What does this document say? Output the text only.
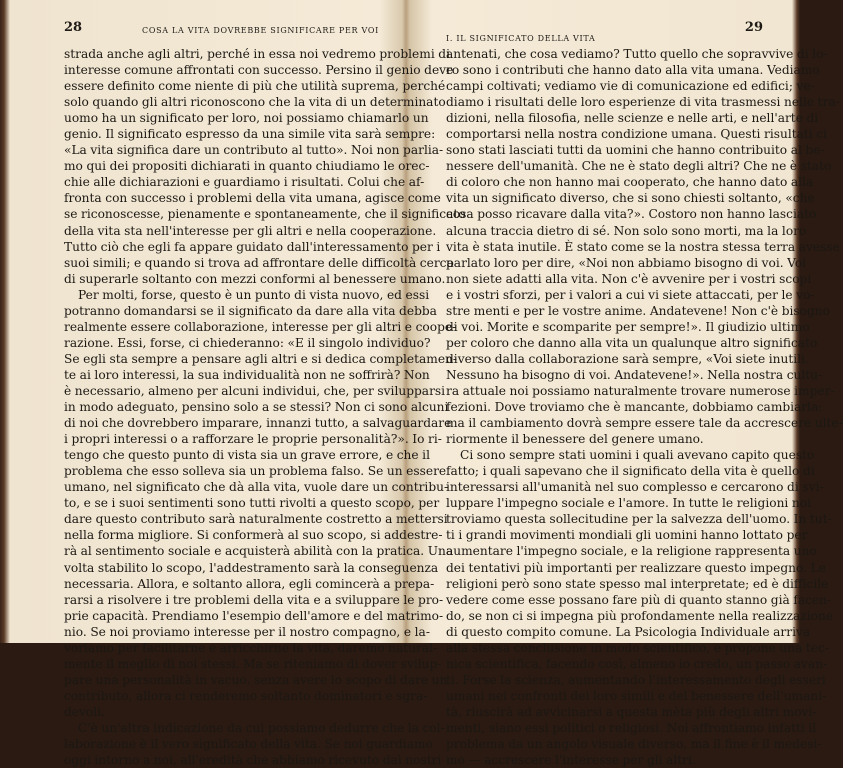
28	COSA LA VITA DOVREBBE SIGNIFICARE PER VOI
strada anche agli altri, perché in essa noi vedremo problemi di
interesse comune affrontati con successo. Persino il genio deve
essere definito come niente di più che utilità suprema, perché
solo quando gli altri riconoscono che la vita di un determinato
uomo ha un significato per loro, noi possiamo chiamarlo un
genio. Il significato espresso da una simile vita sarà sempre:
«La vita significa dare un contributo al tutto». Noi non parlia-
mo qui dei propositi dichiarati in quanto chiudiamo le orec-
chie alle dichiarazioni e guardiamo i risultati. Colui che af-
fronta con successo i problemi della vita umana, agisce come
se riconoscesse, pienamente e spontaneamente, che il significato
della vita sta nell'interesse per gli altri e nella cooperazione.
Tutto ciò che egli fa appare guidato dall'interessamento per i
suoi simili; e quando si trova ad affrontare delle difficoltà cerca
di superarle soltanto con mezzi conformi al benessere umano.
Per molti, forse, questo è un punto di vista nuovo, ed essi
potranno domandarsi se il significato da dare alla vita debba
realmente essere collaborazione, interesse per gli altri e coope-
razione. Essi, forse, ci chiederanno: «E il singolo individuo?
Se egli sta sempre a pensare agli altri e si dedica completamen-
te ai loro interessi, la sua individualità non ne soffrirà? Non
è necessario, almeno per alcuni individui, che, per svilupparsi
in modo adeguato, pensino solo a se stessi? Non ci sono alcuni
di noi che dovrebbero imparare, innanzi tutto, a salvaguardare
i propri interessi o a rafforzare le proprie personalità?». Io ri-
tengo che questo punto di vista sia un grave errore, e che il
problema che esso solleva sia un problema falso. Se un essere
umano, nel significato che dà alla vita, vuole dare un contribu-
to, e se i suoi sentimenti sono tutti rivolti a questo scopo, per
dare questo contributo sarà naturalmente costretto a mettersi
nella forma migliore. Si conformerà al suo scopo, si addestre-
rà al sentimento sociale e acquisterà abilità con la pratica. Una
volta stabilito lo scopo, l'addestramento sarà la conseguenza
necessaria. Allora, e soltanto allora, egli comincerà a prepa-
rarsi a risolvere i tre problemi della vita e a sviluppare le pro-
prie capacità. Prendiamo l'esempio dell'amore e del matrimo-
nio. Se noi proviamo interesse per il nostro compagno, e la-
voriamo per facilitarne e arricchirne la vita, daremo natural-
mente il meglio di noi stessi. Ma se riteniamo di dover svilup-
pare una personalità in vacuo, senza avere lo scopo di dare un
contributo, allora ci renderemo soltanto dominatori e sgra-
devoli.
C'è un'altra indicazione da cui possiamo dedurre che la col-
laborazione è il vero significato della vita. Se noi guardiamo
oggi intorno a noi, all'eredità che abbiamo ricevuto dai nostri
29
I. IL SIGNIFICATO DELLA VITA
antenati, che cosa vediamo? Tutto quello che sopravvive di lo-
ro sono i contributi che hanno dato alla vita umana. Vediamo
campi coltivati; vediamo vie di comunicazione ed edifici; ve-
diamo i risultati delle loro esperienze di vita trasmessi nelle tra-
dizioni, nella filosofia, nelle scienze e nelle arti, e nell'arte di
comportarsi nella nostra condizione umana. Questi risultati ci
sono stati lasciati tutti da uomini che hanno contribuito al be-
nessere dell'umanità. Che ne è stato degli altri? Che ne è stato
di coloro che non hanno mai cooperato, che hanno dato alla
vita un significato diverso, che si sono chiesti soltanto, «che
cosa posso ricavare dalla vita?». Costoro non hanno lasciato
alcuna traccia dietro di sé. Non solo sono morti, ma la loro
vita è stata inutile. È stato come se la nostra stessa terra avesse
parlato loro per dire, «Noi non abbiamo bisogno di voi. Voi
non siete adatti alla vita. Non c'è avvenire per i vostri scopi
e i vostri sforzi, per i valori a cui vi siete attaccati, per le vo-
stre menti e per le vostre anime. Andatevene! Non c'è bisogno
di voi. Morite e scomparite per sempre!». Il giudizio ultimo
per coloro che danno alla vita un qualunque altro significato
diverso dalla collaborazione sarà sempre, «Voi siete inutili.
Nessuno ha bisogno di voi. Andatevene!». Nella nostra cultu-
ra attuale noi possiamo naturalmente trovare numerose imper-
fezioni. Dove troviamo che è mancante, dobbiamo cambiarla:
ma il cambiamento dovrà sempre essere tale da accrescere ulte-
riormente il benessere del genere umano.
Ci sono sempre stati uomini i quali avevano capito questo
fatto; i quali sapevano che il significato della vita è quello di
interessarsi all'umanità nel suo complesso e cercarono di svi-
luppare l'impegno sociale e l'amore. In tutte le religioni noi
troviamo questa sollecitudine per la salvezza dell'uomo. In tut-
ti i grandi movimenti mondiali gli uomini hanno lottato per
aumentare l'impegno sociale, e la religione rappresenta uno
dei tentativi più importanti per realizzare questo impegno. Le
religioni però sono state spesso mal interpretate; ed è difficile
vedere come esse possano fare più di quanto stanno già facen-
do, se non ci si impegna più profondamente nella realizzazione
di questo compito comune. La Psicologia Individuale arriva
alla stessa conclusione in modo scientifico, e propone una tec-
nica scientifica, facendo così, almeno io credo, un passo avan-
ti. Forse la scienza, aumentando l'interessamento degli esseri
umani nei confronti dei loro simili e del benessere dell'umani-
tà, riuscirà ad avvicinarsi a questa mèta più degli altri movi-
menti, siano essi politici o religiosi. Noi affrontiamo infatti il
problema da un angolo visuale diverso, ma il fine è il medesi-
mo — accrescere l'interesse per gli altri.
